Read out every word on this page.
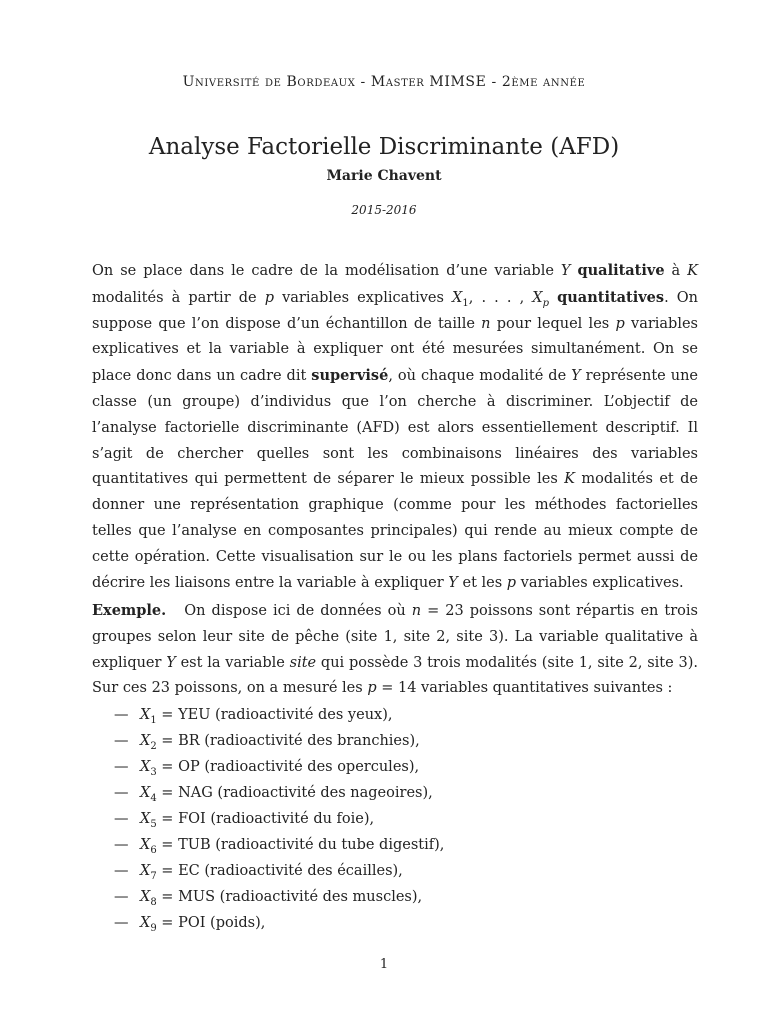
Université de Bordeaux - Master MIMSE - 2ème année
Analyse Factorielle Discriminante (AFD)
Marie Chavent
2015-2016

On se place dans le cadre de la modélisation d’une variable Y qualitative à K modalités à partir de p variables explicatives $X_1$, . . . , $X_p$ quantitatives. On suppose que l’on dispose d’un échantillon de taille n pour lequel les p variables explicatives et la variable à expliquer ont été mesurées simultanément. On se place donc dans un cadre dit supervisé, où chaque modalité de Y représente une classe (un groupe) d’individus que l’on cherche à discriminer. L’objectif de l’analyse factorielle discriminante (AFD) est alors essentiellement descriptif. Il s’agit de chercher quelles sont les combinaisons linéaires des variables quantitatives qui permettent de séparer le mieux possible les K modalités et de donner une représentation graphique (comme pour les méthodes factorielles telles que l’analyse en composantes principales) qui rende au mieux compte de cette opération. Cette visualisation sur le ou les plans factoriels permet aussi de décrire les liaisons entre la variable à expliquer Y et les p variables explicatives.

Exemple. On dispose ici de données où n = 23 poissons sont répartis en trois groupes selon leur site de pêche (site 1, site 2, site 3). La variable qualitative à expliquer Y est la variable site qui possède 3 trois modalités (site 1, site 2, site 3). Sur ces 23 poissons, on a mesuré les p = 14 variables quantitatives suivantes :

— $X_1$ = YEU (radioactivité des yeux),
— $X_2$ = BR (radioactivité des branchies),
— $X_3$ = OP (radioactivité des opercules),
— $X_4$ = NAG (radioactivité des nageoires),
— $X_5$ = FOI (radioactivité du foie),
— $X_6$ = TUB (radioactivité du tube digestif),
— $X_7$ = EC (radioactivité des écailles),
— $X_8$ = MUS (radioactivité des muscles),
— $X_9$ = POI (poids),
1
